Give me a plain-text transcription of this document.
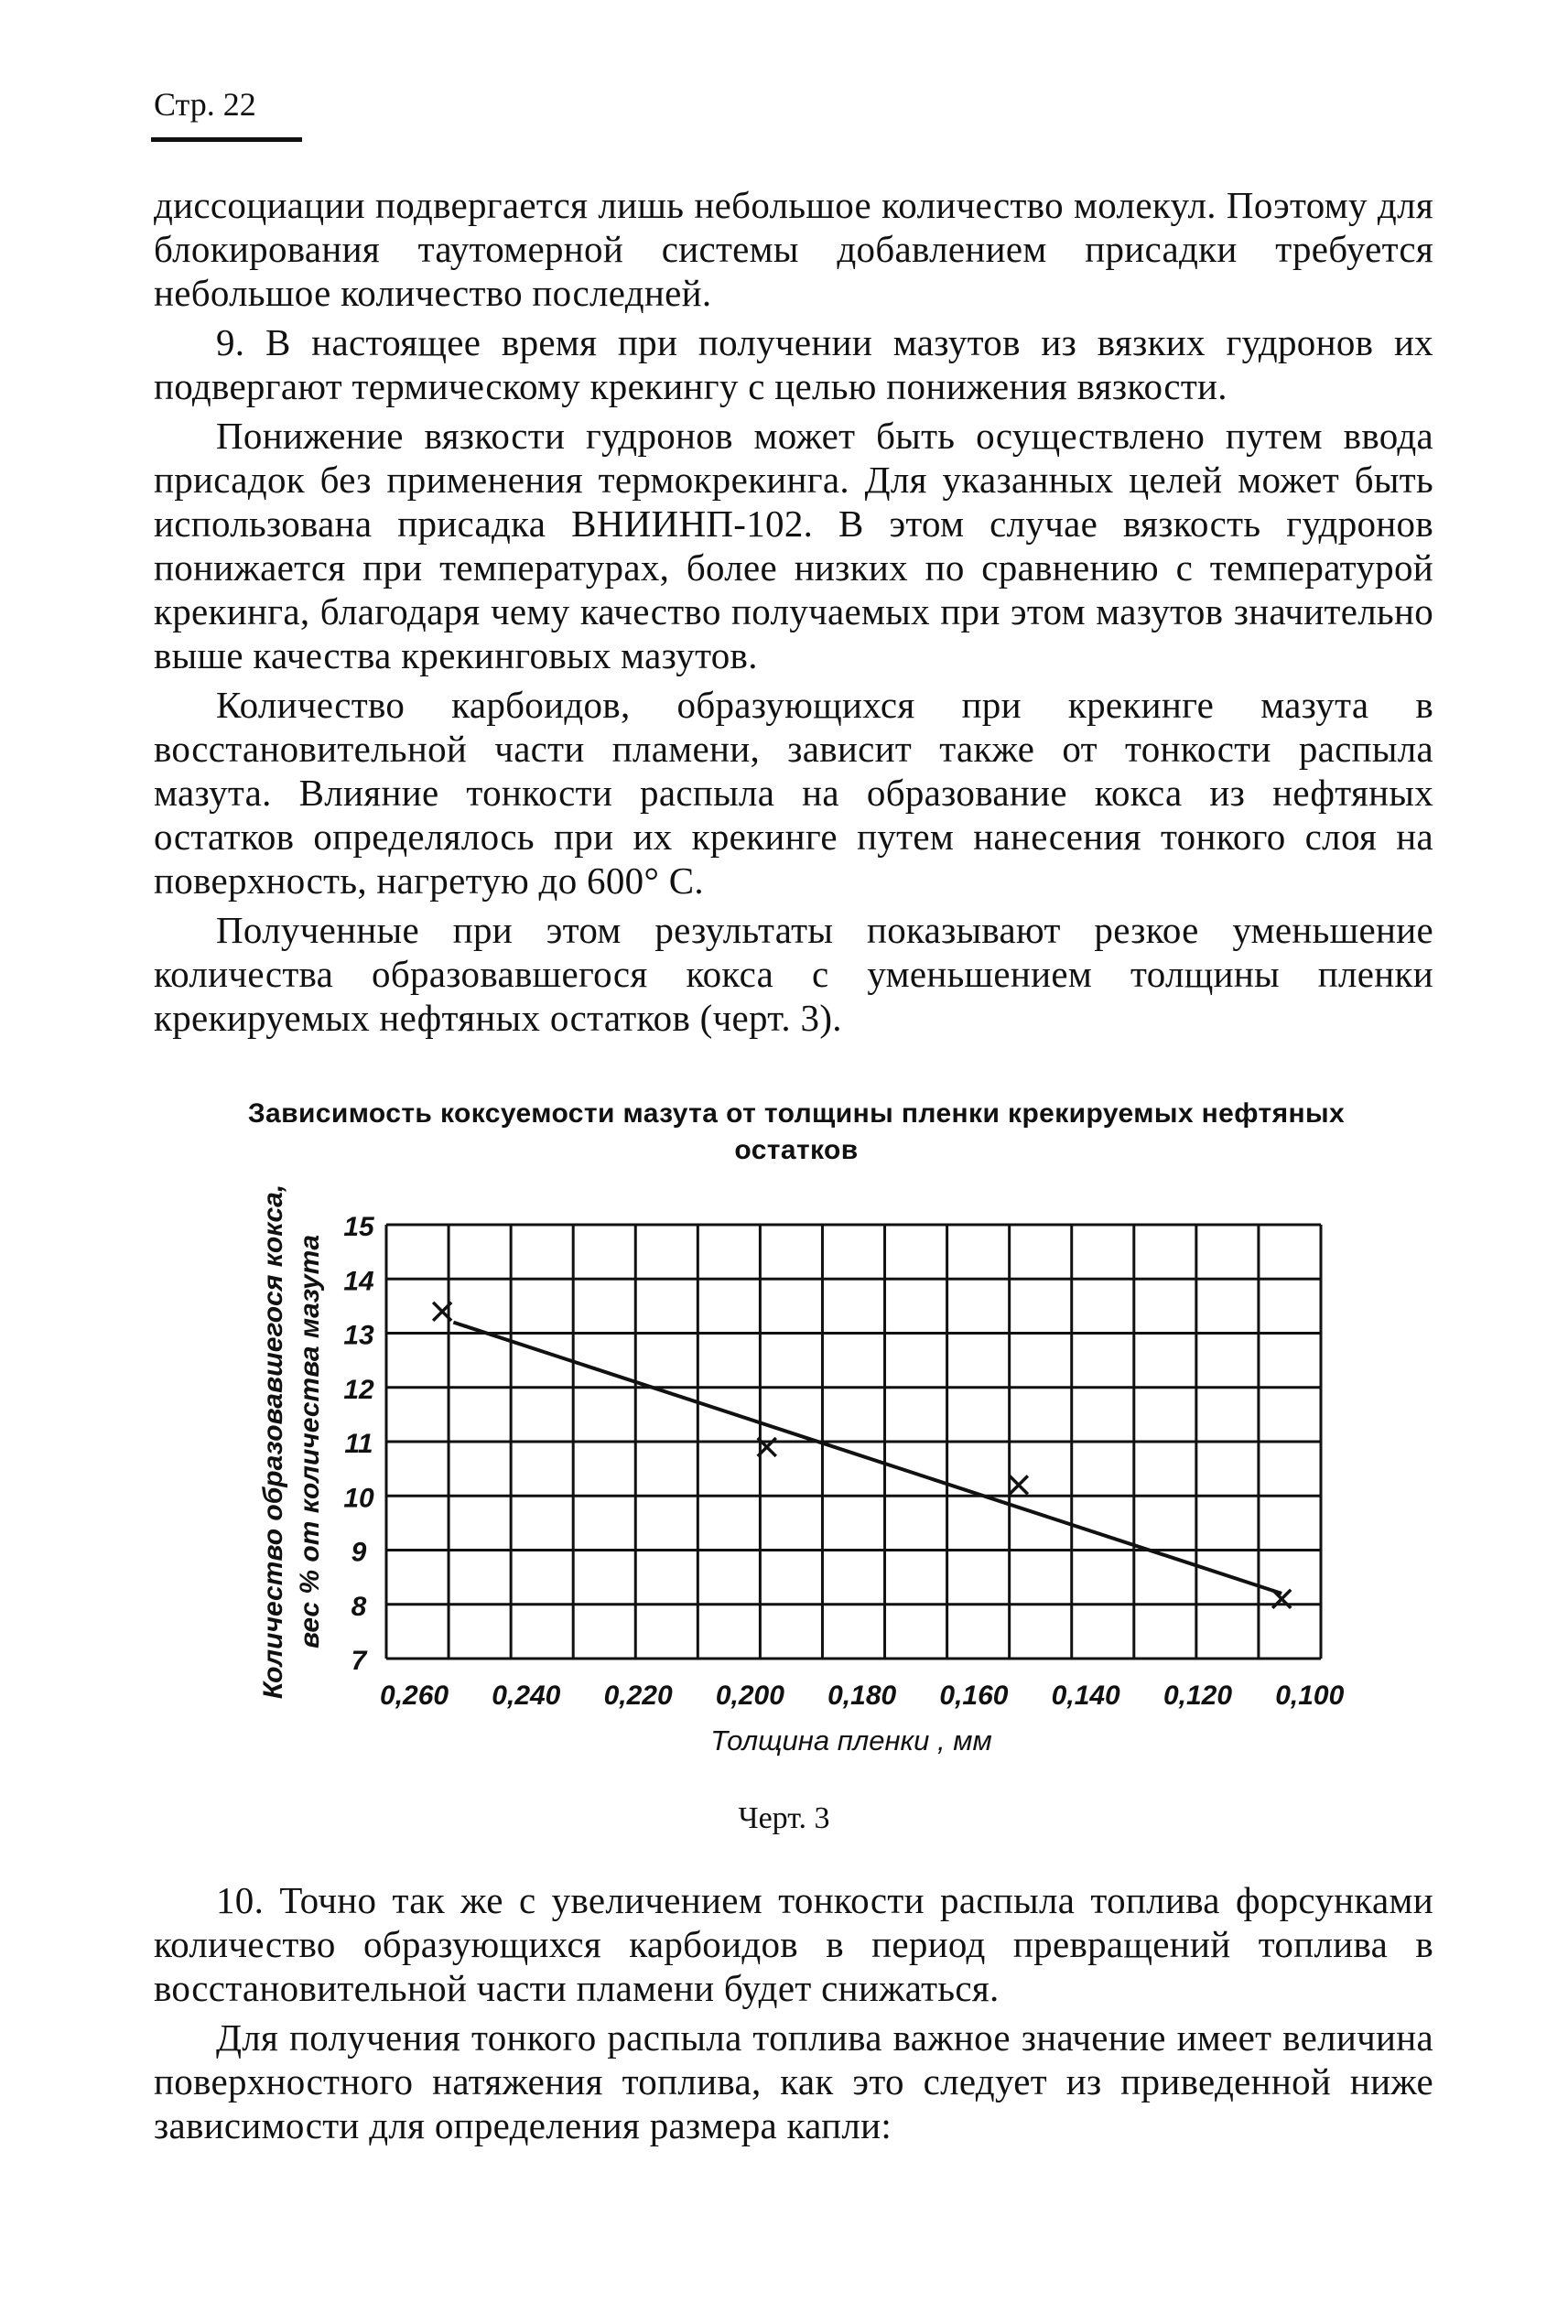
Стр. 22

диссоциации подвергается лишь небольшое количество молекул. Поэтому для блокирования таутомерной системы добавлением присадки требуется небольшое количество последней.

9. В настоящее время при получении мазутов из вязких гудронов их подвергают термическому крекингу с целью понижения вязкости.

Понижение вязкости гудронов может быть осуществлено путем ввода присадок без применения термокрекинга. Для указанных целей может быть использована присадка ВНИИНП-102. В этом случае вязкость гудронов понижается при температурах, более низких по сравнению с температурой крекинга, благодаря чему качество получаемых при этом мазутов значительно выше качества крекинговых мазутов.

Количество карбоидов, образующихся при крекинге мазута в восстановительной части пламени, зависит также от тонкости распыла мазута. Влияние тонкости распыла на образование кокса из нефтяных остатков определялось при их крекинге путем нанесения тонкого слоя на поверхность, нагретую до 600° С.

Полученные при этом результаты показывают резкое уменьшение количества образовавшегося кокса с уменьшением толщины пленки крекируемых нефтяных остатков (черт. 3).

Зависимость коксуемости мазута от толщины пленки крекируемых нефтяных остатков
7
8
9
10
11
12
13
14
15
0,260 0,240 0,220 0,200 0,180 0,160 0,140 0,120 0,100
Толщина пленки , мм
Количество образовавшегося кокса, вес % от количества мазута
Черт. 3

10. Точно так же с увеличением тонкости распыла топлива форсунками количество образующихся карбоидов в период превращений топлива в восстановительной части пламени будет снижаться.

Для получения тонкого распыла топлива важное значение имеет величина поверхностного натяжения топлива, как это следует из приведенной ниже зависимости для определения размера капли:
